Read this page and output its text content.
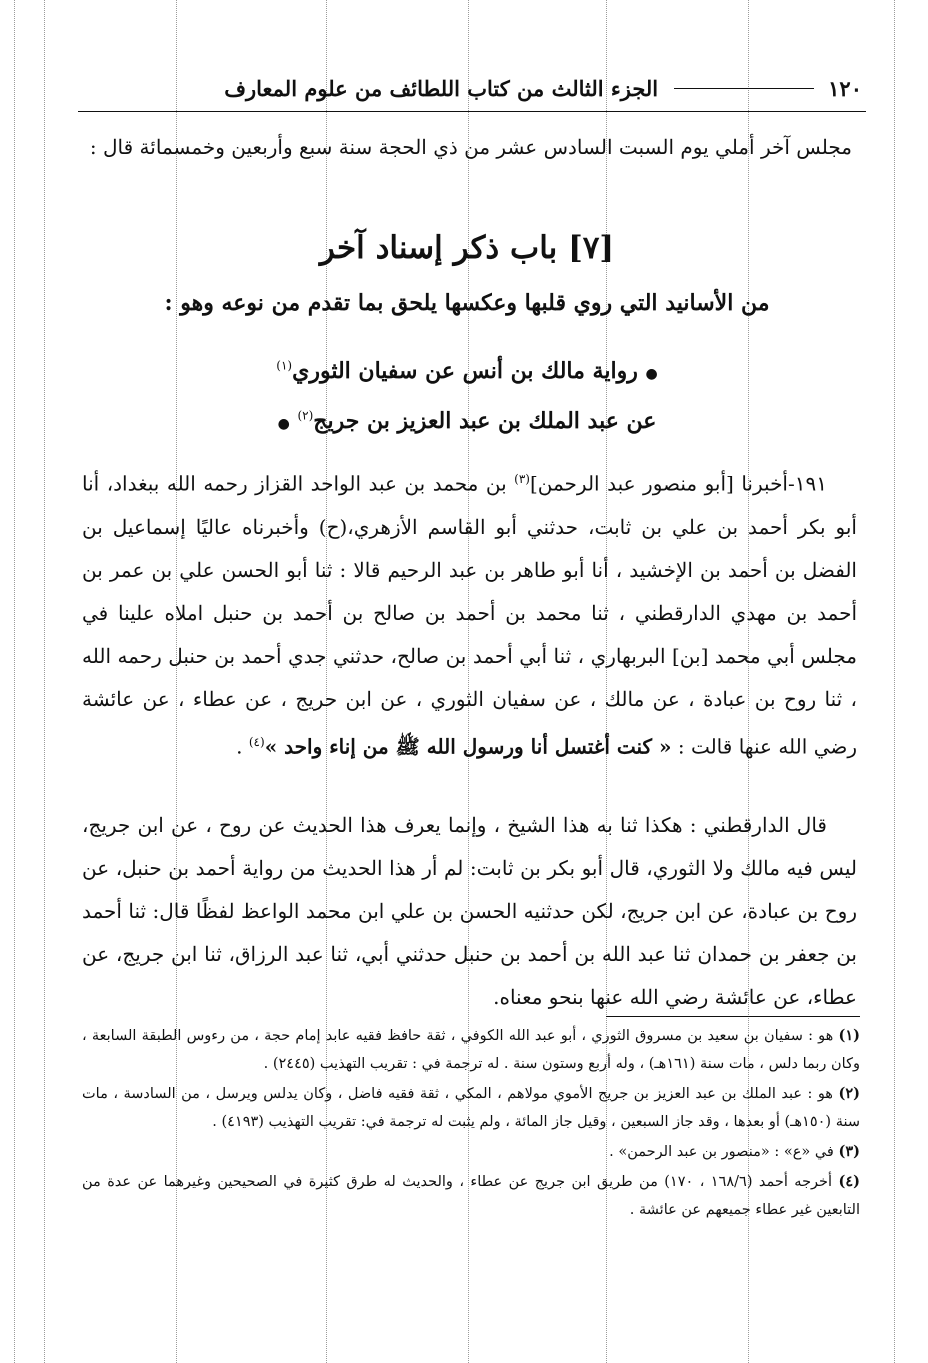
١٢٠
الجزء الثالث من كتاب اللطائف من علوم المعارف
مجلس آخر أملي يوم السبت السادس عشر من ذي الحجة سنة سبع وأربعين وخمسمائة قال :
[٧] باب ذكر إسناد آخر
من الأسانيد التي روي قلبها وعكسها يلحق بما تقدم من نوعه وهو :
● رواية مالك بن أنس عن سفيان الثوري$^{(١)}$
عن عبد الملك بن عبد العزيز بن جريج$^{(٢)}$ ●
١٩١-أخبرنا [أبو منصور عبد الرحمن]$^{(٣)}$ بن محمد بن عبد الواحد القزاز رحمه الله ببغداد، أنا أبو بكر أحمد بن علي بن ثابت، حدثني أبو القاسم الأزهري،(ح) وأخبرناه عاليًا إسماعيل بن الفضل بن أحمد بن الإخشيد ، أنا أبو طاهر بن عبد الرحيم قالا : ثنا أبو الحسن علي بن عمر بن أحمد بن مهدي الدارقطني ، ثنا محمد بن أحمد بن صالح بن أحمد بن حنبل املاه علينا في مجلس أبي محمد [بن] البربهاري ، ثنا أبي أحمد بن صالح، حدثني جدي أحمد بن حنبل رحمه الله ، ثنا روح بن عبادة ، عن مالك ، عن سفيان الثوري ، عن ابن حريج ، عن عطاء ، عن عائشة رضي الله عنها قالت : « كنت أغتسل أنا ورسول الله ﷺ من إناء واحد »$^{(٤)}$ .
قال الدارقطني : هكذا ثنا به هذا الشيخ ، وإنما يعرف هذا الحديث عن روح ، عن ابن جريج، ليس فيه مالك ولا الثوري، قال أبو بكر بن ثابت: لم أر هذا الحديث من رواية أحمد بن حنبل، عن روح بن عبادة، عن ابن جريج، لكن حدثنيه الحسن بن علي ابن محمد الواعظ لفظًا قال: ثنا أحمد بن جعفر بن حمدان ثنا عبد الله بن أحمد بن حنبل حدثني أبي، ثنا عبد الرزاق، ثنا ابن جريج، عن عطاء، عن عائشة رضي الله عنها بنحو معناه.

(١) هو : سفيان بن سعيد بن مسروق الثوري ، أبو عبد الله الكوفي ، ثقة حافظ فقيه عابد إمام حجة ، من رءوس الطبقة السابعة ، وكان ربما دلس ، مات سنة (١٦١هـ) ، وله أربع وستون سنة . له ترجمة في : تقريب التهذيب (٢٤٤٥) .

(٢) هو : عبد الملك بن عبد العزيز بن جريج الأموي مولاهم ، المكي ، ثقة فقيه فاضل ، وكان يدلس ويرسل ، من السادسة ، مات سنة (١٥٠هـ) أو بعدها ، وقد جاز السبعين ، وقيل جاز المائة ، ولم يثبت له ترجمة في: تقريب التهذيب (٤١٩٣) .

(٣) في «ع» : «منصور بن عبد الرحمن» .

(٤) أخرجه أحمد (١٦٨/٦ ، ١٧٠) من طريق ابن جريج عن عطاء ، والحديث له طرق كثيرة في الصحيحين وغيرهما عن عدة من التابعين غير عطاء جميعهم عن عائشة .
